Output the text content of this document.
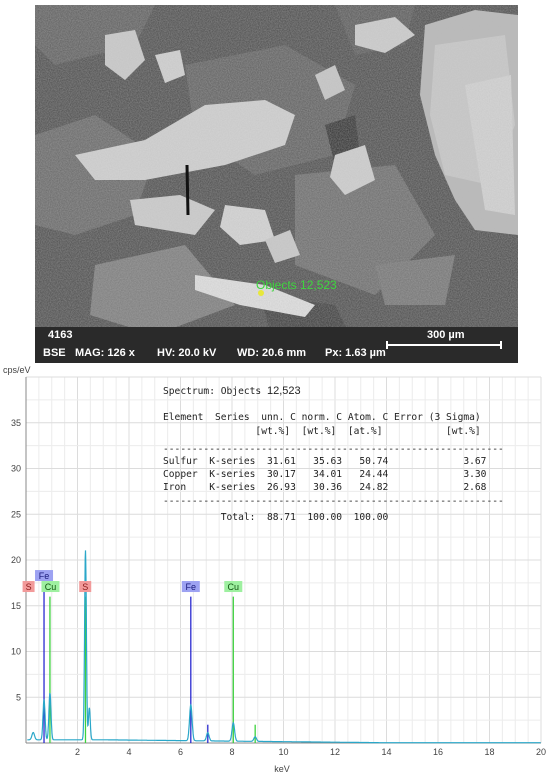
4163
BSE MAG: 126 x HV: 20.0 kV WD: 20.6 mm Px: 1.63 µm
300 µm
Objects 12,523
2	4	6	8	10	12	14	16	18	20
5
10
15
20
25
30
35
cps/eV
keV
Spectrum: Objects 12,523
Element  Series  unn. C norm. C Atom. C Error (3 Sigma)
[wt.%]  [wt.%]  [at.%]           [wt.%]
-----------------------------------------------------------
Sulfur  K-series  31.61   35.63   50.74             3.67
Copper  K-series  30.17   34.01   24.44             3.30
Iron    K-series  26.93   30.36   24.82             2.68
-----------------------------------------------------------
Total:  88.71  100.00  100.00
S
Fe
Cu	S	Fe	Cu
